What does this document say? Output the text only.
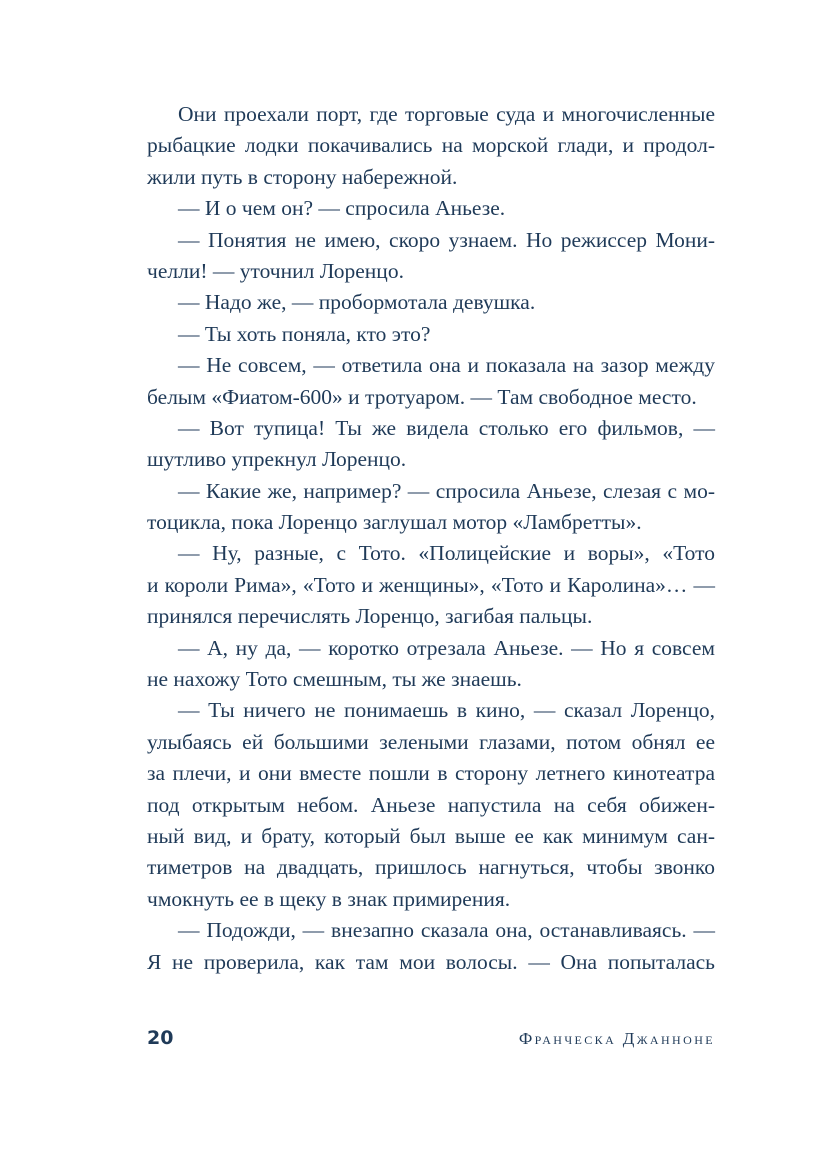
Они проехали порт, где торговые суда и многочисленные
рыбацкие лодки покачивались на морской глади, и продол-
жили путь в сторону набережной.
— И о чем он? — спросила Аньезе.
— Понятия не имею, скоро узнаем. Но режиссер Мони-
челли! — уточнил Лоренцо.
— Надо же, — пробормотала девушка.
— Ты хоть поняла, кто это?
— Не совсем, — ответила она и показала на зазор между
белым «Фиатом-600» и тротуаром. — Там свободное место.
— Вот тупица! Ты же видела столько его фильмов, —
шутливо упрекнул Лоренцо.
— Какие же, например? — спросила Аньезе, слезая с мо-
тоцикла, пока Лоренцо заглушал мотор «Ламбретты».
— Ну, разные, с Тото. «Полицейские и воры», «Тото
и короли Рима», «Тото и женщины», «Тото и Каролина»… —
принялся перечислять Лоренцо, загибая пальцы.
— А, ну да, — коротко отрезала Аньезе. — Но я совсем
не нахожу Тото смешным, ты же знаешь.
— Ты ничего не понимаешь в кино, — сказал Лоренцо,
улыбаясь ей большими зелеными глазами, потом обнял ее
за плечи, и они вместе пошли в сторону летнего кинотеатра
под открытым небом. Аньезе напустила на себя обижен-
ный вид, и брату, который был выше ее как минимум сан-
тиметров на двадцать, пришлось нагнуться, чтобы звонко
чмокнуть ее в щеку в знак примирения.
— Подожди, — внезапно сказала она, останавливаясь. —
Я не проверила, как там мои волосы. — Она попыталась
20	Франческа Джанноне
